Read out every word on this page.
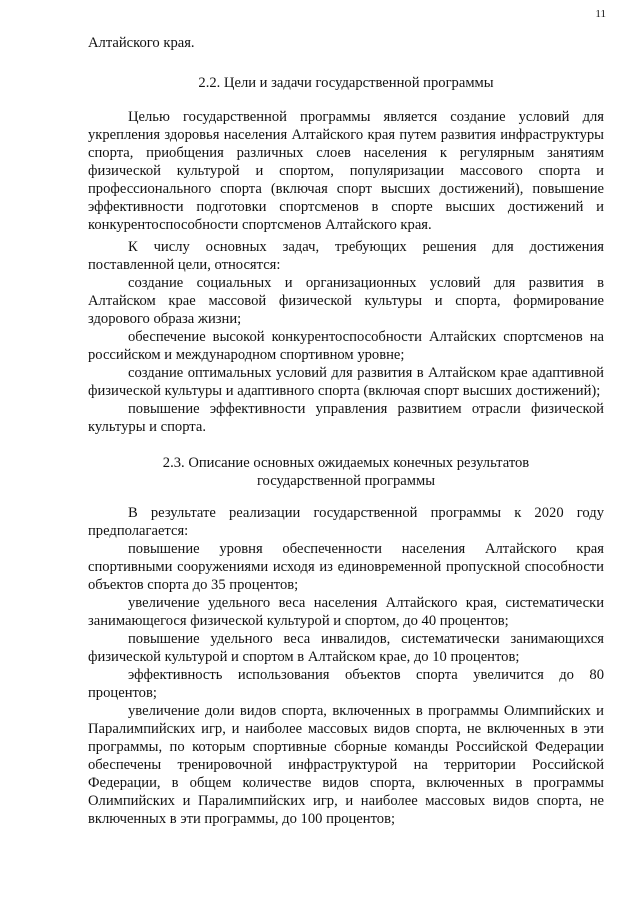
11

Алтайского края.

2.2. Цели и задачи государственной программы

Целью государственной программы является создание условий для укрепления здоровья населения Алтайского края путем развития инфраструктуры спорта, приобщения различных слоев населения к регулярным занятиям физической культурой и спортом, популяризации массового спорта и профессионального спорта (включая спорт высших достижений), повышение эффективности подготовки спортсменов в спорте высших достижений и конкурентоспособности спортсменов Алтайского края.

К числу основных задач, требующих решения для достижения поставленной цели, относятся:

создание социальных и организационных условий для развития в Алтайском крае массовой физической культуры и спорта, формирование здорового образа жизни;

обеспечение высокой конкурентоспособности Алтайских спортсменов на российском и международном спортивном уровне;

создание оптимальных условий для развития в Алтайском крае адаптивной физической культуры и адаптивного спорта (включая спорт высших достижений);

повышение эффективности управления развитием отрасли физической культуры и спорта.

2.3. Описание основных ожидаемых конечных результатов
государственной программы

В результате реализации государственной программы к 2020 году предполагается:

повышение уровня обеспеченности населения Алтайского края спортивными сооружениями исходя из единовременной пропускной способности объектов спорта до 35 процентов;

увеличение удельного веса населения Алтайского края, систематически занимающегося физической культурой и спортом, до 40 процентов;

повышение удельного веса инвалидов, систематически занимающихся физической культурой и спортом в Алтайском крае, до 10 процентов;

эффективность использования объектов спорта увеличится до 80 процентов;

увеличение доли видов спорта, включенных в программы Олимпийских и Паралимпийских игр, и наиболее массовых видов спорта, не включенных в эти программы, по которым спортивные сборные команды Российской Федерации обеспечены тренировочной инфраструктурой на территории Российской Федерации, в общем количестве видов спорта, включенных в программы Олимпийских и Паралимпийских игр, и наиболее массовых видов спорта, не включенных в эти программы, до 100 процентов;
